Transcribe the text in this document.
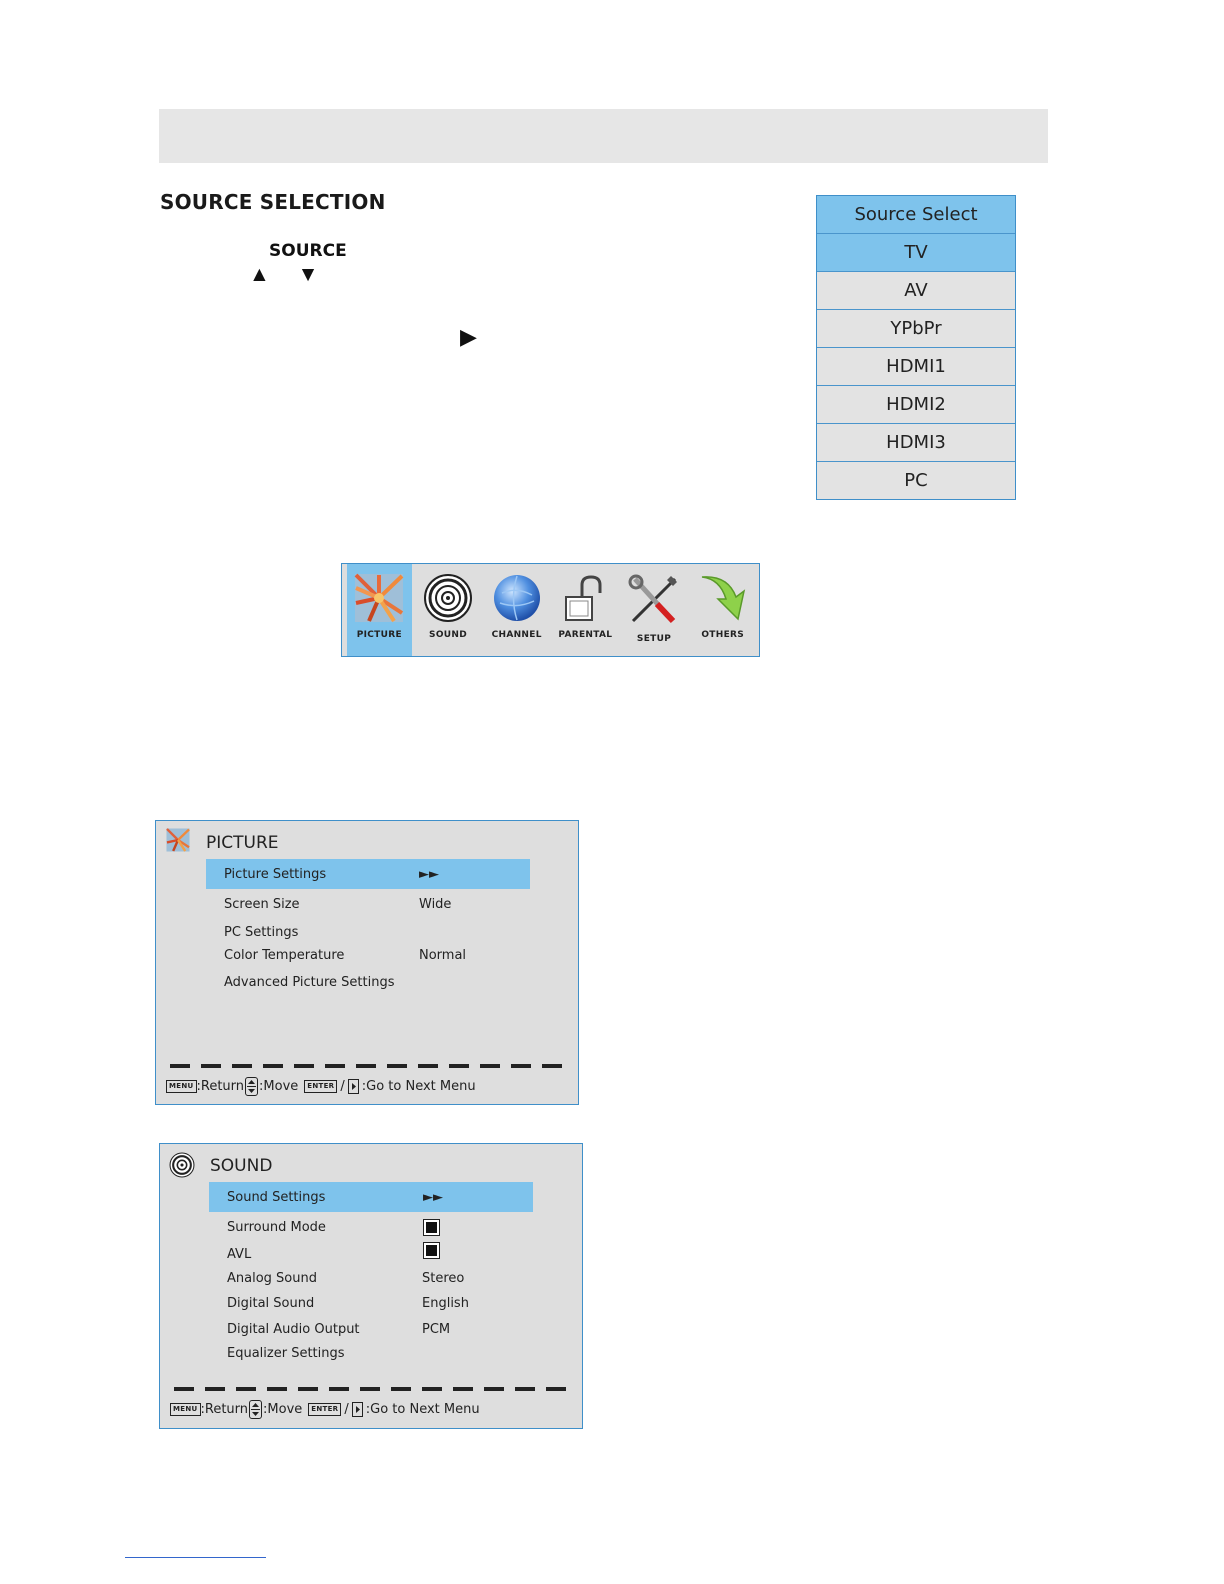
SOURCE SELECTION
SOURCE
▲ ▼
▶
Source Select
TV
AV
YPbPr
HDMI1
HDMI2
HDMI3
PC
PICTURE	SOUND	CHANNEL PARENTAL	SETUP	OTHERS
PICTURE
Picture Settings	►►
Screen Size	Wide
PC Settings
Color Temperature	Normal
Advanced Picture Settings
MENU :Return :Move	ENTER / :Go to Next Menu
SOUND
Sound Settings	►►
Surround Mode
AVL
Analog Sound	Stereo
Digital Sound	English
Digital Audio Output	PCM
Equalizer Settings
MENU :Return :Move	ENTER / :Go to Next Menu
